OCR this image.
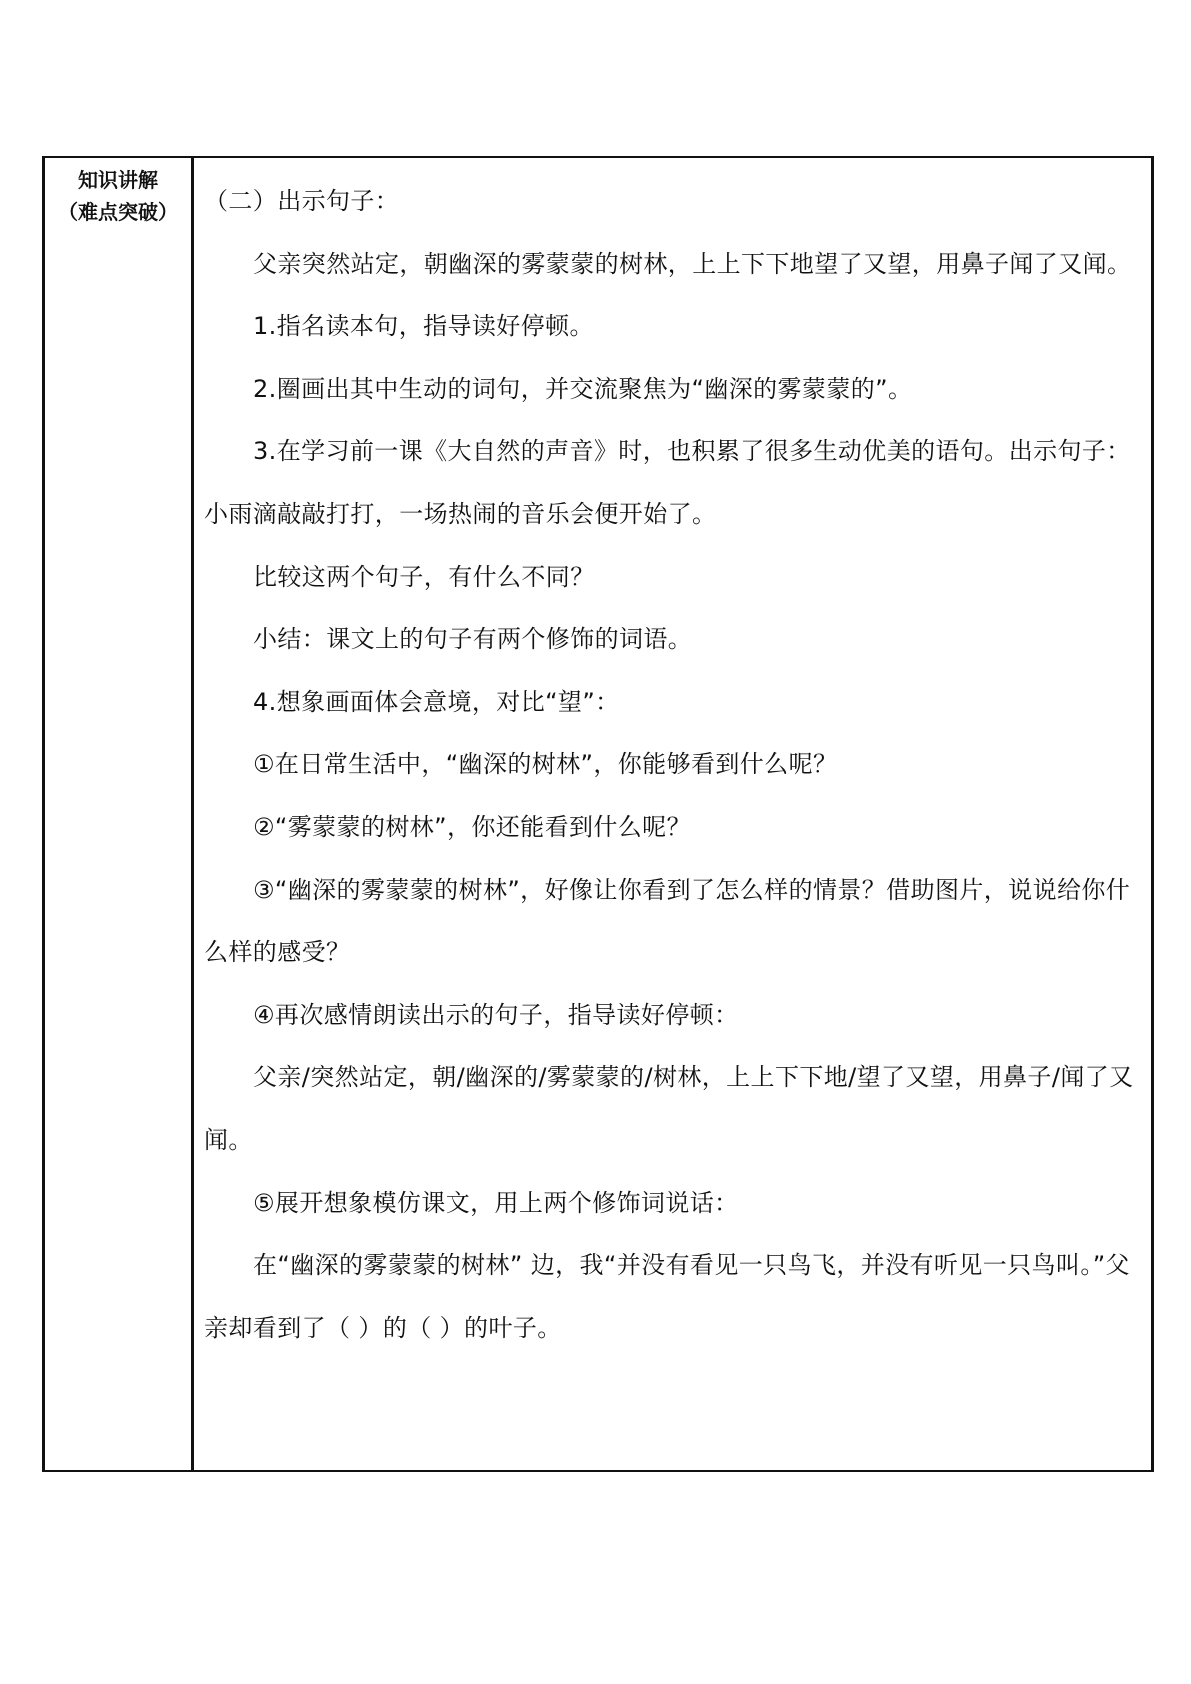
知识讲解
（难点突破）	（二）出示句子：

父亲突然站定，朝幽深的雾蒙蒙的树林，上上下下地望了又望，用鼻子闻了又闻。

1.指名读本句，指导读好停顿。

2.圈画出其中生动的词句，并交流聚焦为“幽深的雾蒙蒙的”。

3.在学习前一课《大自然的声音》时，也积累了很多生动优美的语句。出示句子：小雨滴敲敲打打，一场热闹的音乐会便开始了。

比较这两个句子，有什么不同？

小结：课文上的句子有两个修饰的词语。

4.想象画面体会意境，对比“望”：

①在日常生活中，“幽深的树林”，你能够看到什么呢？

②“雾蒙蒙的树林”，你还能看到什么呢？

③“幽深的雾蒙蒙的树林”，好像让你看到了怎么样的情景？借助图片，说说给你什么样的感受？

④再次感情朗读出示的句子，指导读好停顿：

父亲/突然站定，朝/幽深的/雾蒙蒙的/树林，上上下下地/望了又望，用鼻子/闻了又闻。

⑤展开想象模仿课文，用上两个修饰词说话：

在“幽深的雾蒙蒙的树林” 边，我“并没有看见一只鸟飞，并没有听见一只鸟叫。”父亲却看到了（ ）的（ ）的叶子。
